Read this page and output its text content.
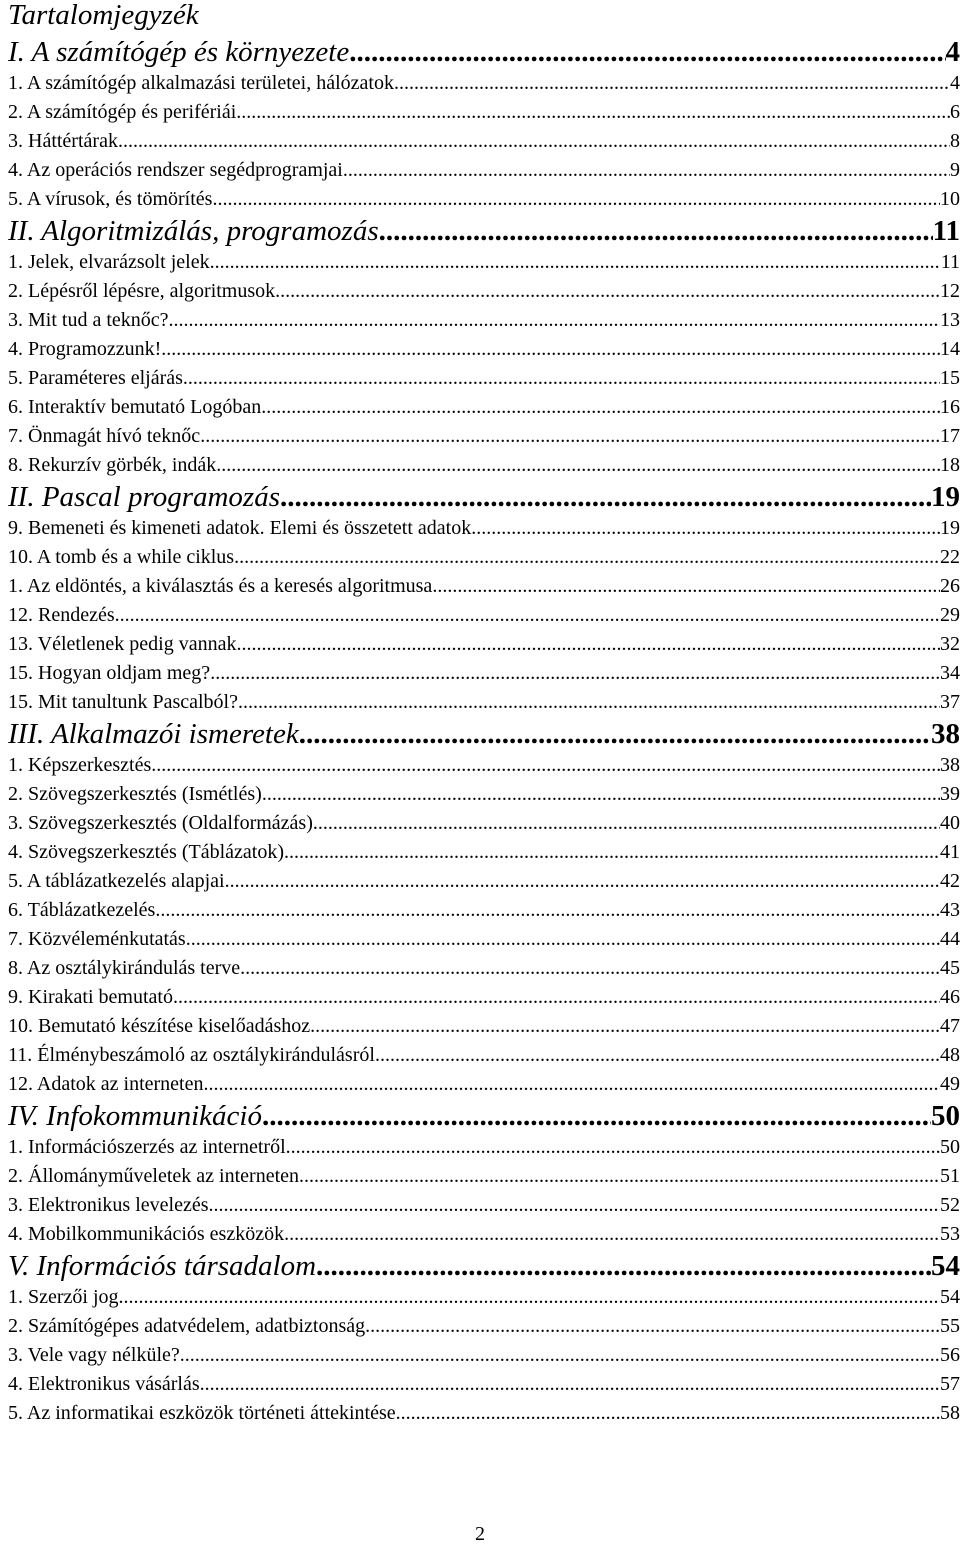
Tartalomjegyzék
I. A számítógép és környezete .....	4
1. A számítógép alkalmazási területei, hálózatok .....	4
2. A számítógép és perifériái .....	6
3. Háttértárak .....	8
4. Az operációs rendszer segédprogramjai .....	9
5. A vírusok, és tömörítés .....	10
II. Algoritmizálás, programozás .....	11
1. Jelek, elvarázsolt jelek .....	11
2. Lépésről lépésre, algoritmusok .....	12
3. Mit tud a teknőc? .....	13
4. Programozzunk! .....	14
5. Paraméteres eljárás .....	15
6. Interaktív bemutató Logóban .....	16
7. Önmagát hívó teknőc .....	17
8. Rekurzív görbék, indák .....	18
II. Pascal programozás .....	19
9. Bemeneti és kimeneti adatok. Elemi és összetett adatok .....	19
10. A tomb és a while ciklus .....	22
1. Az eldöntés, a kiválasztás és a keresés algoritmusa .....	26
12. Rendezés .....	29
13. Véletlenek pedig vannak .....	32
15. Hogyan oldjam meg? .....	34
15. Mit tanultunk Pascalból? .....	37
III. Alkalmazói ismeretek .....	38
1. Képszerkesztés .....	38
2. Szövegszerkesztés (Ismétlés) .....	39
3. Szövegszerkesztés (Oldalformázás) .....	40
4. Szövegszerkesztés (Táblázatok) .....	41
5. A táblázatkezelés alapjai .....	42
6. Táblázatkezelés .....	43
7. Közvéleménkutatás .....	44
8. Az osztálykirándulás terve .....	45
9. Kirakati bemutató .....	46
10. Bemutató készítése kiselőadáshoz .....	47
11. Élménybeszámoló az osztálykirándulásról .....	48
12. Adatok az interneten .....	49
IV. Infokommunikáció .....	50
1. Információszerzés az internetről .....	50
2. Állományműveletek az interneten .....	51
3. Elektronikus levelezés .....	52
4. Mobilkommunikációs eszközök .....	53
V. Információs társadalom .....	54
1. Szerzői jog .....	54
2. Számítógépes adatvédelem, adatbiztonság .....	55
3. Vele vagy nélküle? .....	56
4. Elektronikus vásárlás .....	57
5. Az informatikai eszközök történeti áttekintése .....	58
2
